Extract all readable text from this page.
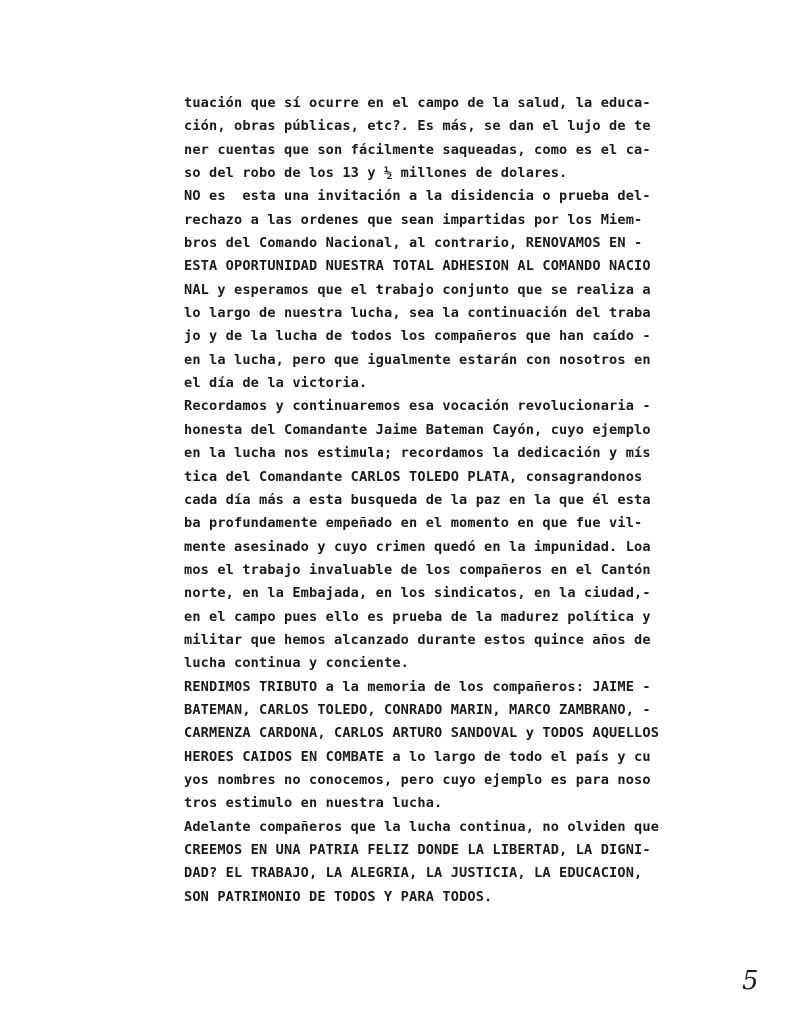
tuación que sí ocurre en el campo de la salud, la educa-
ción, obras públicas, etc?. Es más, se dan el lujo de te
ner cuentas que son fácilmente saqueadas, como es el ca-
so del robo de los 13 y ½ millones de dolares.
NO es  esta una invitación a la disidencia o prueba del-
rechazo a las ordenes que sean impartidas por los Miem-
bros del Comando Nacional, al contrario, RENOVAMOS EN -
ESTA OPORTUNIDAD NUESTRA TOTAL ADHESION AL COMANDO NACIO
NAL y esperamos que el trabajo conjunto que se realiza a
lo largo de nuestra lucha, sea la continuación del traba
jo y de la lucha de todos los compañeros que han caído -
en la lucha, pero que igualmente estarán con nosotros en
el día de la victoria.
Recordamos y continuaremos esa vocación revolucionaria -
honesta del Comandante Jaime Bateman Cayón, cuyo ejemplo
en la lucha nos estimula; recordamos la dedicación y mís
tica del Comandante CARLOS TOLEDO PLATA, consagrandonos
cada día más a esta busqueda de la paz en la que él esta
ba profundamente empeñado en el momento en que fue vil-
mente asesinado y cuyo crimen quedó en la impunidad. Loa
mos el trabajo invaluable de los compañeros en el Cantón
norte, en la Embajada, en los sindicatos, en la ciudad,-
en el campo pues ello es prueba de la madurez política y
militar que hemos alcanzado durante estos quince años de
lucha continua y conciente.
RENDIMOS TRIBUTO a la memoria de los compañeros: JAIME -
BATEMAN, CARLOS TOLEDO, CONRADO MARIN, MARCO ZAMBRANO, -
CARMENZA CARDONA, CARLOS ARTURO SANDOVAL y TODOS AQUELLOS
HEROES CAIDOS EN COMBATE a lo largo de todo el país y cu
yos nombres no conocemos, pero cuyo ejemplo es para noso
tros estimulo en nuestra lucha.
Adelante compañeros que la lucha continua, no olviden que
CREEMOS EN UNA PATRIA FELIZ DONDE LA LIBERTAD, LA DIGNI-
DAD? EL TRABAJO, LA ALEGRIA, LA JUSTICIA, LA EDUCACION,
SON PATRIMONIO DE TODOS Y PARA TODOS.
5
